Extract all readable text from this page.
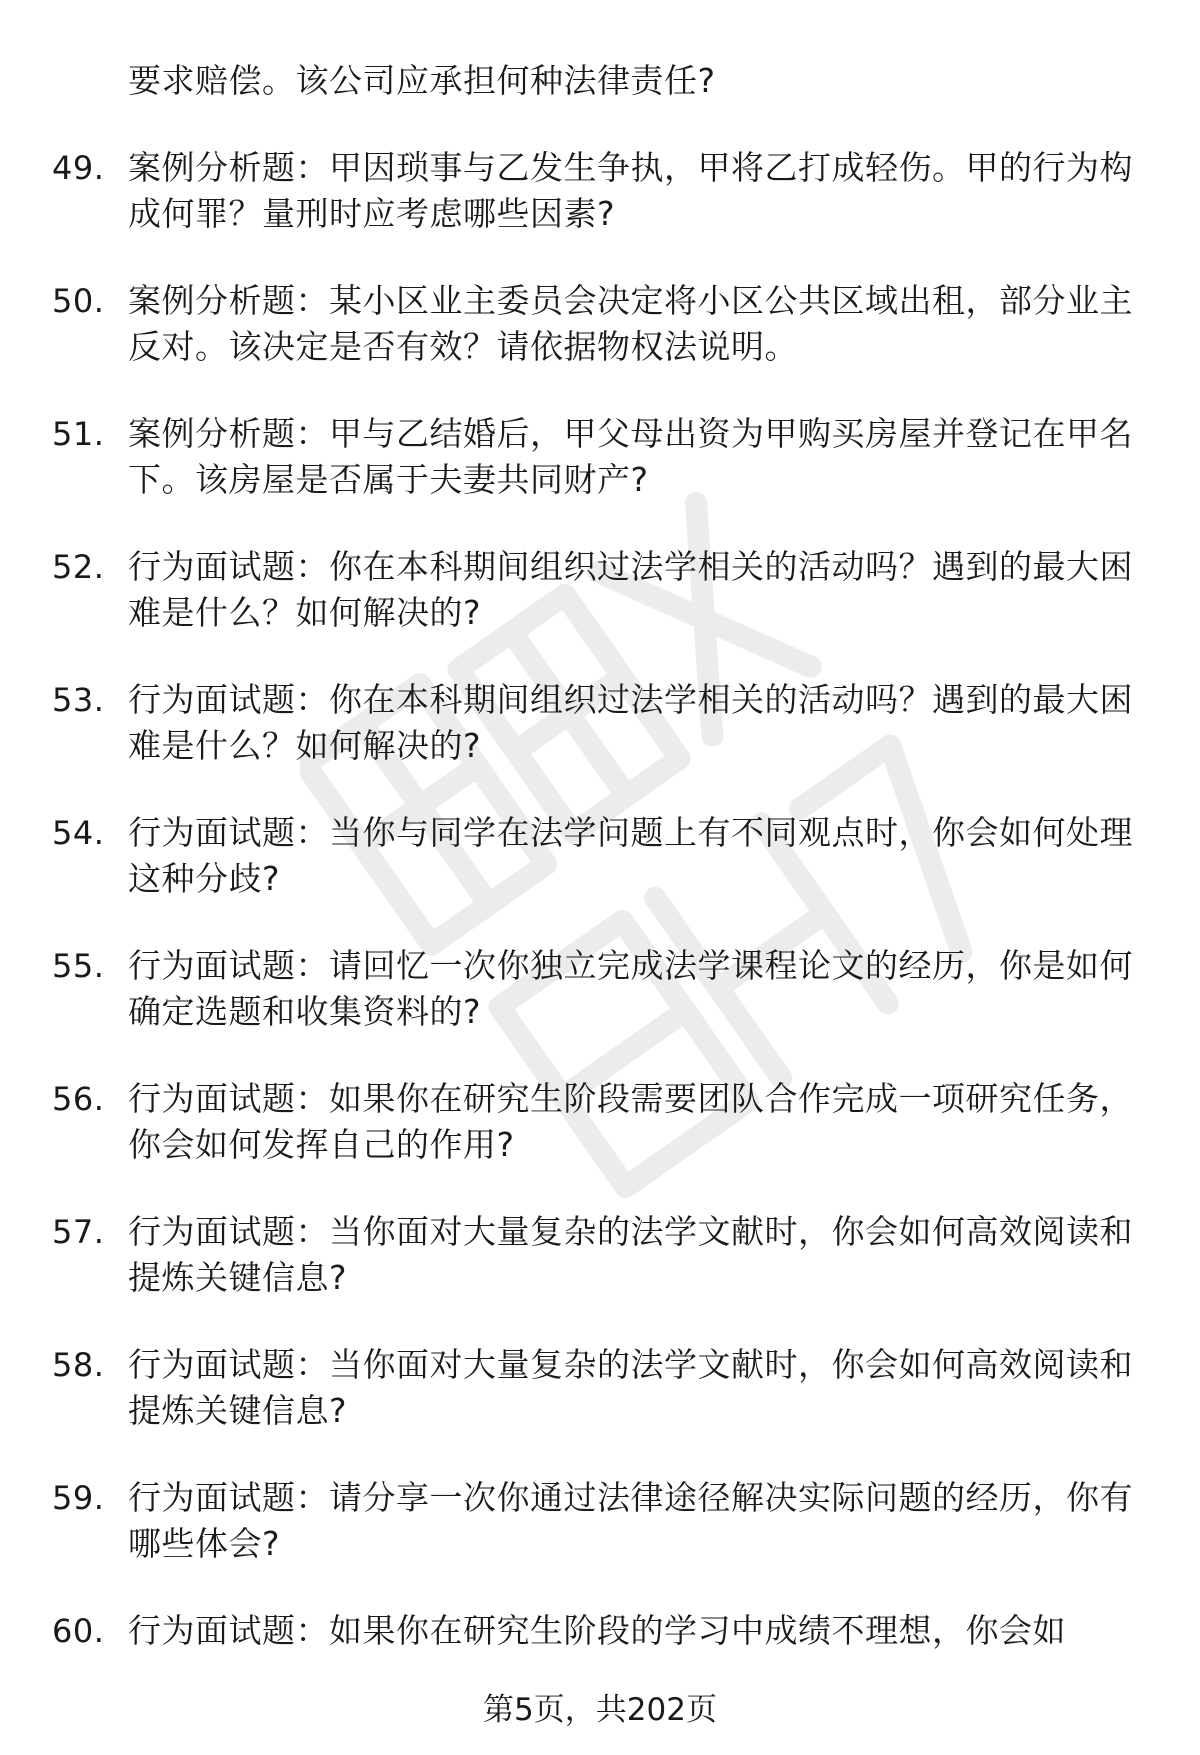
要求赔偿。该公司应承担何种法律责任?

49. 案例分析题：甲因琐事与乙发生争执，甲将乙打成轻伤。甲的行为构成何罪？量刑时应考虑哪些因素?
50. 案例分析题：某小区业主委员会决定将小区公共区域出租，部分业主反对。该决定是否有效？请依据物权法说明。
51. 案例分析题：甲与乙结婚后，甲父母出资为甲购买房屋并登记在甲名下。该房屋是否属于夫妻共同财产?
52. 行为面试题：你在本科期间组织过法学相关的活动吗？遇到的最大困难是什么？如何解决的?
53. 行为面试题：你在本科期间组织过法学相关的活动吗？遇到的最大困难是什么？如何解决的?
54. 行为面试题：当你与同学在法学问题上有不同观点时，你会如何处理这种分歧?
55. 行为面试题：请回忆一次你独立完成法学课程论文的经历，你是如何确定选题和收集资料的?
56. 行为面试题：如果你在研究生阶段需要团队合作完成一项研究任务，你会如何发挥自己的作用?
57. 行为面试题：当你面对大量复杂的法学文献时，你会如何高效阅读和提炼关键信息?
58. 行为面试题：当你面对大量复杂的法学文献时，你会如何高效阅读和提炼关键信息?
59. 行为面试题：请分享一次你通过法律途径解决实际问题的经历，你有哪些体会?
60. 行为面试题：如果你在研究生阶段的学习中成绩不理想，你会如
第5页，共202页
